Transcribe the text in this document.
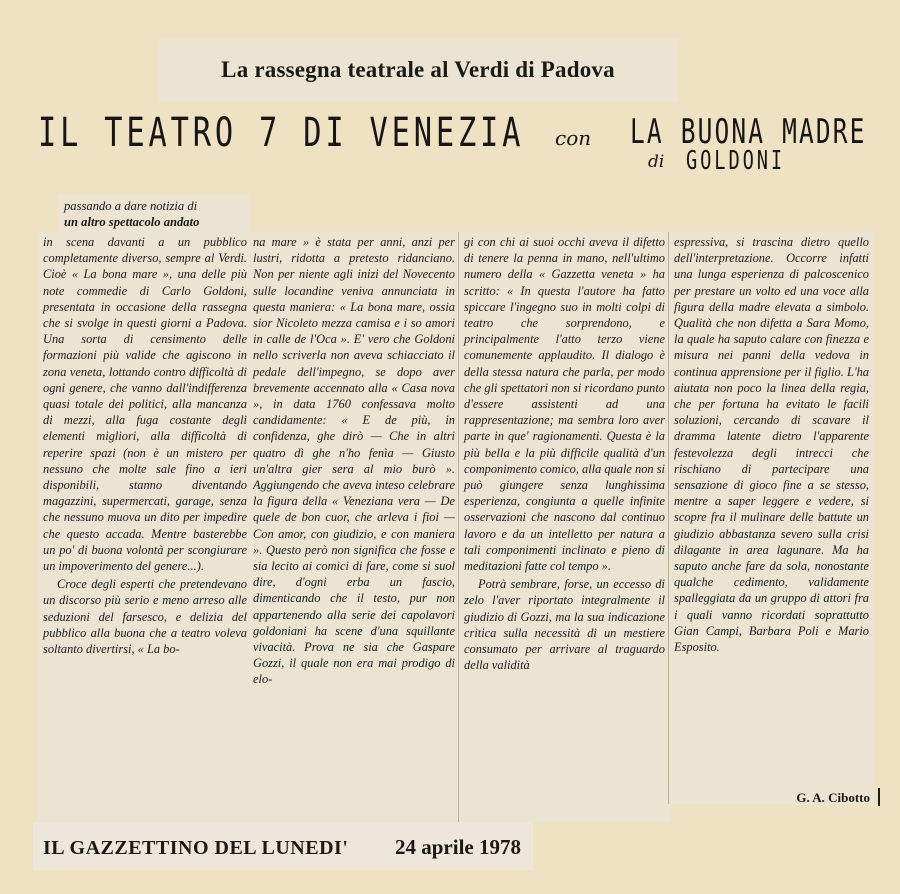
La rassegna teatrale al Verdi di Padova
IL TEATRO 7 DI VENEZIA con LA BUONA MADRE
di GOLDONI

passando a dare notizia di

un altro spettacolo andato

in scena davanti a un pubblico completamente diverso, sempre al Verdi. Cioè « La bona mare », una delle più note commedie di Carlo Goldoni, presentata in occasione della rassegna che si svolge in questi giorni a Padova. Una sorta di censimento delle formazioni più valide che agiscono in zona veneta, lottando contro difficoltà di ogni genere, che vanno dall'indifferenza quasi totale dei politici, alla mancanza di mezzi, alla fuga costante degli elementi migliori, alla difficoltà di reperire spazi (non è un mistero per nessuno che molte sale fino a ieri disponibili, stanno diventando magazzini, supermercati, garage, senza che nessuno muova un dito per impedire che questo accada. Mentre basterebbe un po' di buona volontà per scongiurare un impoverimento del genere...).

Croce degli esperti che pretendevano un discorso più serio e meno arreso alle seduzioni del farsesco, e delizia del pubblico alla buona che a teatro voleva soltanto divertirsi, « La bo-

na mare » è stata per anni, anzi per lustri, ridotta a pretesto ridanciano. Non per niente agli inizi del Novecento sulle locandine veniva annunciata in questa maniera: « La bona mare, ossia sior Nicoleto mezza camisa e i so amori in calle de l'Oca ». E' vero che Goldoni nello scriverla non aveva schiacciato il pedale dell'impegno, se dopo aver brevemente accennato alla « Casa nova », in data 1760 confessava molto candidamente: « E de più, in confidenza, ghe dirò — Che in altri quatro dì ghe n'ho fenìa — Giusto un'altra gier sera al mio burò ». Aggiungendo che aveva inteso celebrare la figura della « Veneziana vera — De quele de bon cuor, che arleva i fioi — Con amor, con giudizio, e con maniera ». Questo però non significa che fosse e sia lecito ai comici di fare, come si suol dire, d'ogni erba un fascio, dimenticando che il testo, pur non appartenendo alla serie dei capolavori goldoniani ha scene d'una squillante vivacità. Prova ne sia che Gaspare Gozzi, il quale non era mai prodigo di elo-

gi con chi ai suoi occhi aveva il difetto di tenere la penna in mano, nell'ultimo numero della « Gazzetta veneta » ha scritto: « In questa l'autore ha fatto spiccare l'ingegno suo in molti colpi di teatro che sorprendono, e principalmente l'atto terzo viene comunemente applaudito. Il dialogo è della stessa natura che parla, per modo che gli spettatori non si ricordano punto d'essere assistenti ad una rappresentazione; ma sembra loro aver parte in que' ragionamenti. Questa è la più bella e la più difficile qualità d'un componimento comico, alla quale non si può giungere senza lunghissima esperienza, congiunta a quelle infinite osservazioni che nascono dal continuo lavoro e da un intelletto per natura a tali componimenti inclinato e pieno di meditazioni fatte col tempo ».

Potrà sembrare, forse, un eccesso di zelo l'aver riportato integralmente il giudizio di Gozzi, ma la sua indicazione critica sulla necessità di un mestiere consumato per arrivare al traguardo della validità

espressiva, si trascina dietro quello dell'interpretazione. Occorre infatti una lunga esperienza di palcoscenico per prestare un volto ed una voce alla figura della madre elevata a simbolo. Qualità che non difetta a Sara Momo, la quale ha saputo calare con finezza e misura nei panni della vedova in continua apprensione per il figlio. L'ha aiutata non poco la linea della regia, che per fortuna ha evitato le facili soluzioni, cercando di scavare il dramma latente dietro l'apparente festevolezza degli intrecci che rischiano di partecipare una sensazione di gioco fine a se stesso, mentre a saper leggere e vedere, si scopre fra il mulinare delle battute un giudizio abbastanza severo sulla crisi dilagante in area lagunare. Ma ha saputo anche fare da sola, nonostante qualche cedimento, validamente spalleggiata da un gruppo di attori fra i quali vanno ricordati soprattutto Gian Campi, Barbara Poli e Mario Esposito.

G. A. Cibotto
IL GAZZETTINO DEL LUNEDI' 24 aprile 1978
